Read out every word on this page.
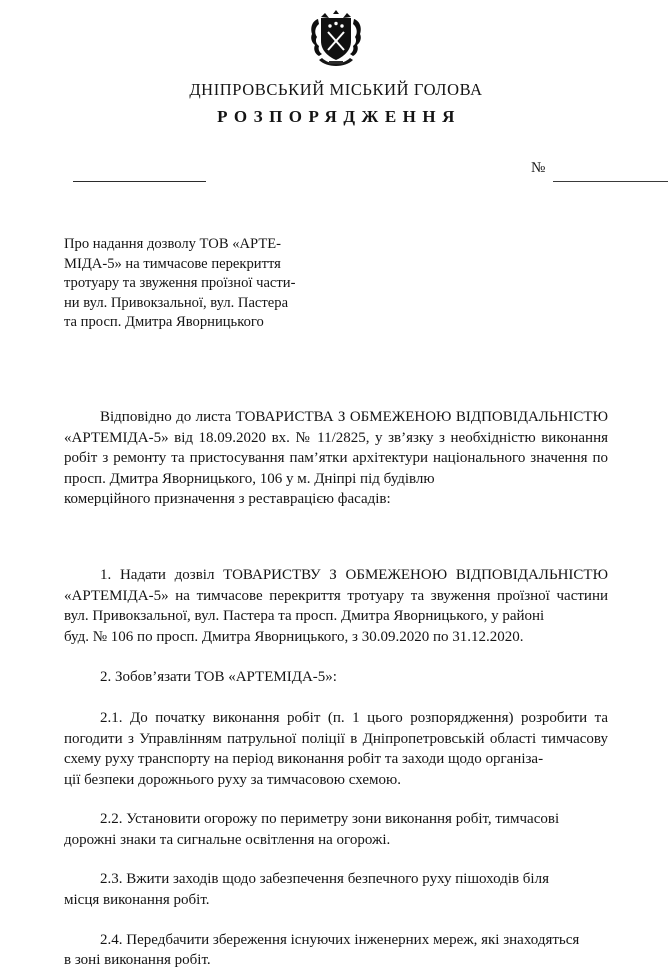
ДНІПРОВСЬКИЙ МІСЬКИЙ ГОЛОВА
РОЗПОРЯДЖЕННЯ
№
Про надання дозволу ТОВ «АРТЕ-
МІДА-5» на тимчасове перекриття
тротуару та звуження проїзної части-
ни вул. Привокзальної, вул. Пастера
та просп. Дмитра Яворницького

Відповідно до листа ТОВАРИСТВА З ОБМЕЖЕНОЮ ВІДПОВІДАЛЬНІСТЮ «АРТЕМІДА-5» від 18.09.2020 вх. № 11/2825, у зв’язку з необхідністю виконання робіт з ремонту та пристосування пам’ятки архітектури національного значення по просп. Дмитра Яворницького, 106 у м. Дніпрі під будівлю
комерційного призначення з реставрацією фасадів:

1. Надати дозвіл ТОВАРИСТВУ З ОБМЕЖЕНОЮ ВІДПОВІДАЛЬНІСТЮ «АРТЕМІДА-5» на тимчасове перекриття тротуару та звуження проїзної частини вул. Привокзальної, вул. Пастера та просп. Дмитра Яворницького, у районі
буд. № 106 по просп. Дмитра Яворницького, з 30.09.2020 по 31.12.2020.

2. Зобов’язати ТОВ «АРТЕМІДА-5»:

2.1. До початку виконання робіт (п. 1 цього розпорядження) розробити та погодити з Управлінням патрульної поліції в Дніпропетровській області тимчасову схему руху транспорту на період виконання робіт та заходи щодо організа-
ції безпеки дорожнього руху за тимчасовою схемою.

2.2. Установити огорожу по периметру зони виконання робіт, тимчасові
дорожні знаки та сигнальне освітлення на огорожі.

2.3. Вжити заходів щодо забезпечення безпечного руху пішоходів біля
місця виконання робіт.

2.4. Передбачити збереження існуючих інженерних мереж, які знаходяться
в зоні виконання робіт.
